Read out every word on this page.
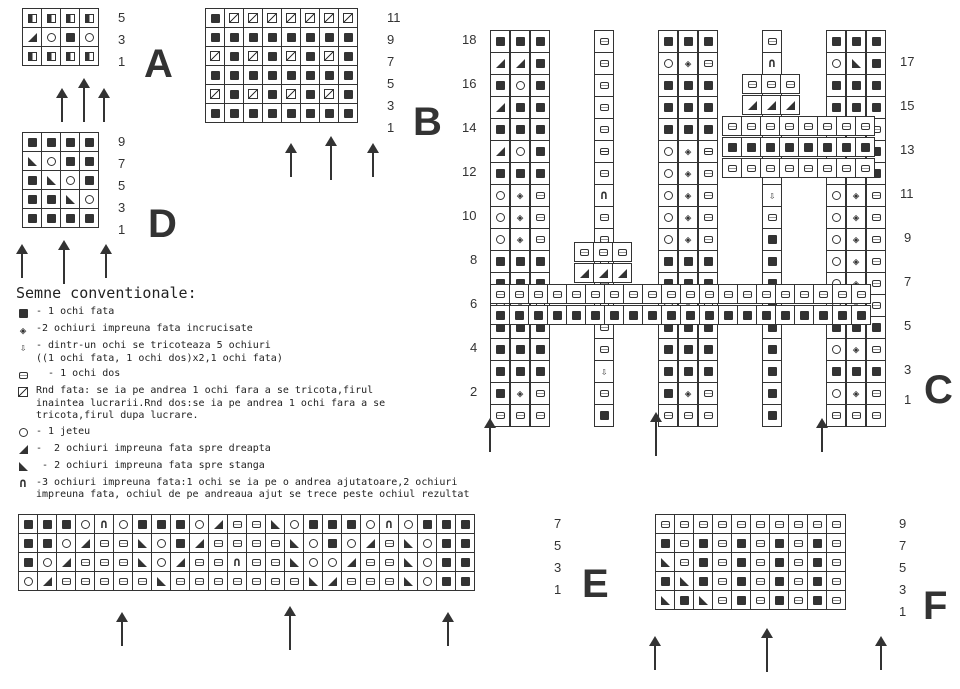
5
3
1 A
11
9
7
5
3
1 B
9
7
5
3
1 D
Semne conventionale:
- 1 ochi fata
◈
-2 ochiuri impreuna fata incrucisate
⇩
- dintr-un ochi se tricoteaza 5 ochiuri
((1 ochi fata, 1 ochi dos)x2,1 ochi fata)
- 1 ochi dos
Rnd fata: se ia pe andrea 1 ochi fara a se tricota,firul
inaintea lucrarii.Rnd dos:se ia pe andrea 1 ochi fara a se
tricota,firul dupa lucrare.
- 1 jeteu
-  2 ochiuri impreuna fata spre dreapta
- 2 ochiuri impreuna fata spre stanga
∩
-3 ochiuri impreuna fata:1 ochi se ia pe o andrea ajutatoare,2 ochiuri
impreuna fata, ochiul de pe andreaua ajut se trece peste ochiul rezultat
◈
◈
◈
◈
◈
∩
⇩
◈
◈
◈
◈
◈
◈
◈
◈
∩
⇩
◈
◈
◈
◈
◈
◈
◈
◈
◈
18
16
14
12
10
8
6
4
2
17
15
13
11
9
7
5
3
1 C
∩
∩
∩
7
5
3
1 E
9
7
5
3
1 F
